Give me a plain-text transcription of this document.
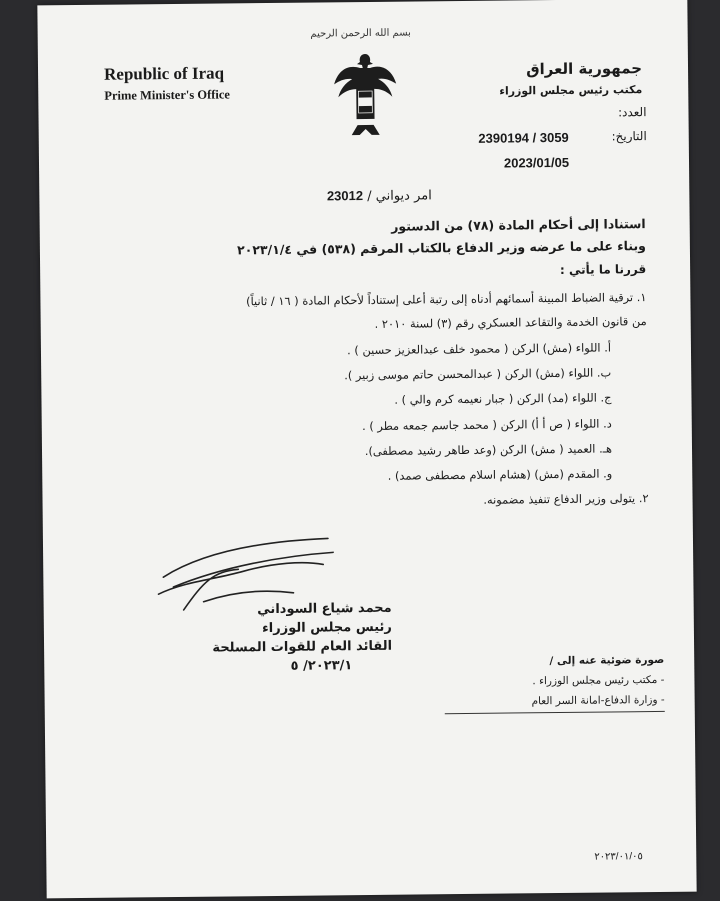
بسم الله الرحمن الرحيم
Republic of Iraq
Prime Minister's Office
جمهورية العراق
مكتب رئيس مجلس الوزراء
العدد:
2390194 / 3059	التاريخ:
2023/01/05
امر ديواني / 23012
استنادا إلى أحكام المادة (٧٨) من الدستور
وبناء على ما عرضه وزير الدفاع بالكتاب المرقم (٥٣٨) في ٢٠٢٣/١/٤
قررنا ما يأتي :
١. ترقية الضباط المبينة أسمائهم أدناه إلى رتبة أعلى إستناداً لأحكام المادة ( ١٦ / ثانياً)
من قانون الخدمة والتقاعد العسكري رقم (٣) لسنة ٢٠١٠ .
أ. اللواء (مش) الركن ( محمود خلف عبدالعزيز حسين ) .
ب. اللواء (مش) الركن ( عبدالمحسن حاتم موسى زبير ).
ج. اللواء (مد) الركن ( جبار نعيمه كرم والي ) .
د. اللواء ( ص أ أ) الركن ( محمد جاسم جمعه مطر ) .
هـ. العميد ( مش) الركن (وعد طاهر رشيد مصطفى).
و. المقدم (مش) (هشام اسلام مصطفى صمد) .
٢. يتولى وزير الدفاع تنفيذ مضمونه.
محمد شياع السوداني
رئيس مجلس الوزراء
القائد العام للقوات المسلحة
٢٠٢٣/١/ ٥	صورة ضوئية عنه إلى /
- مكتب رئيس مجلس الوزراء .
- وزارة الدفاع-امانة السر العام
٢٠٢٣/٠١/٠٥
